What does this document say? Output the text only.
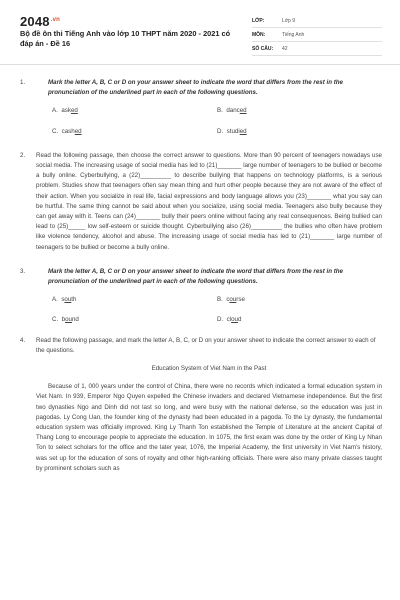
$2048^{.vn}$
Bộ đề ôn thi Tiếng Anh vào lớp 10 THPT năm 2020 - 2021 có đáp án - Đề 16
LỚP:	Lớp 9
MÔN:	Tiếng Anh
SỐ CÂU:	42
1.	Mark the letter A, B, C or D on your answer sheet to indicate the word that differs from the rest in the pronunciation of the underlined part in each of the following questions.
A. asked	B. danced
C. cashed	D. studied
2.	Read the following passage, then choose the correct answer to questions. More than 90 percent of teenagers nowadays use social media. The increasing usage of social media has led to (21)_______ large number of teenagers to be bullied or become a bully online. Cyberbullying, a (22)_________ to describe bullying that happens on technology platforms, is a serious problem. Studies show that teenagers often say mean thing and hurt other people because they are not aware of the effect of their action. When you socialize in real life, facial expressions and body language allows you (23)_______ what you say can be hurtful. The same thing cannot be said about when you socialize, using social media. Teenagers also bully because they can get away with it. Teens can (24)_______ bully their peers online without facing any real consequences. Being bullied can lead to (25)_____ low self-esteem or suicide thought. Cyberbullying also (26)_________ the bullies who often have problem like violence tendency, alcohol and abuse. The increasing usage of social media has led to (21)_______ large number of teenagers to be bullied or become a bully online.
3.	Mark the letter A, B, C or D on your answer sheet to indicate the word that differs from the rest in the pronunciation of the underlined part in each of the following questions.
A. south	B. course
C. bound	D. cloud
4. Read the following passage, and mark the letter A, B, C, or D on your answer sheet to indicate the correct answer to each of the questions.
Education System of Viet Nam in the Past
Because of 1, 000 years under the control of China, there were no records which indicated a formal education system in Viet Nam. In 939, Emperor Ngo Quyen expelled the Chinese invaders and declared Vietnamese independence. But the first two dynasties Ngo and Dinh did not last so long, and were busy with the national defense, so the education was just in pagodas. Ly Cong Uan, the founder king of the dynasty had been educated in a pagoda. To the Ly dynasty, the fundamental education system was officially improved. King Ly Thanh Ton established the Temple of Literature at the ancient Capital of Thang Long to encourage people to appreciate the education. In 1075, the first exam was done by the order of King Ly Nhan Ton to select scholars for the office and the later year, 1076, the Imperial Academy, the first university in Viet Nam's history, was set up for the education of sons of royalty and other high-ranking officials. There were also many private classes taught by prominent scholars such as
